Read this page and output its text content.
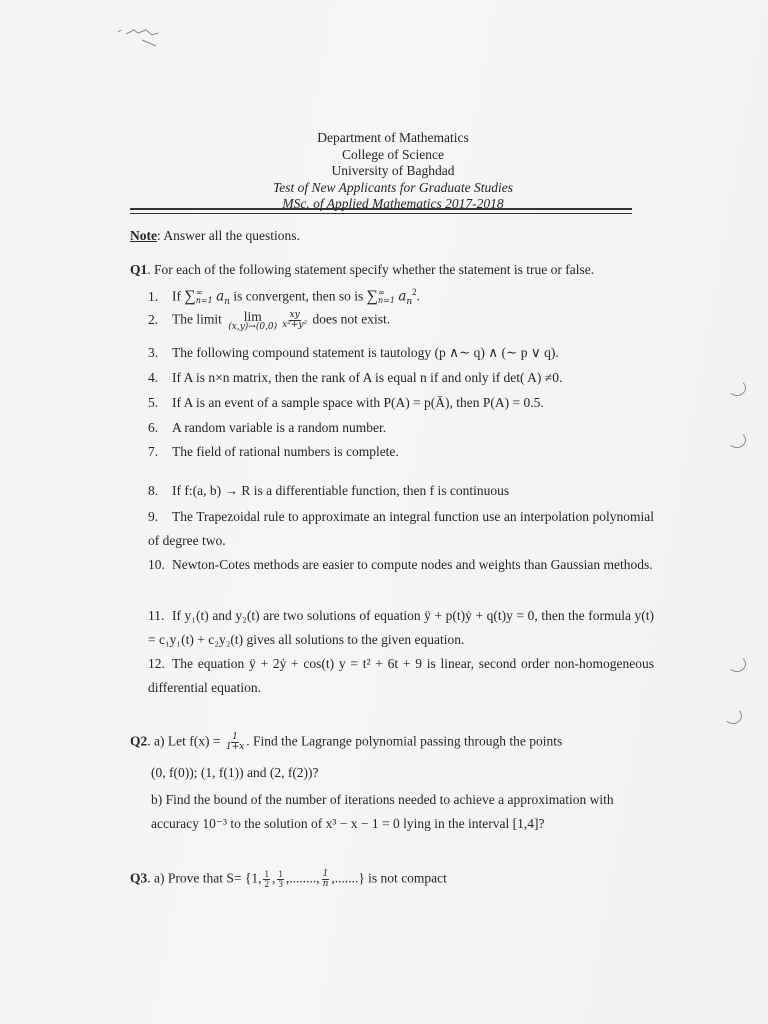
Department of Mathematics
College of Science
University of Baghdad
Test of New Applicants for Graduate Studies
MSc. of Applied Mathematics 2017-2018
Note: Answer all the questions.
Q1. For each of the following statement specify whether the statement is true or false.
1. If ∑ ∞
n=1 $a_n$ is convergent, then so is ∑ ∞
n=1 $a_n^2$.
2. The limit lim
$(x,y)\to(0,0) \frac{xy}{\text{x²+y²}}$ does not exist.
3. The following compound statement is tautology (p ∧∼ q) ∧ (∼ p ∨ q).
4. If A is n×n matrix, then the rank of A is equal n if and only if det( A) ≠0.
5. If A is an event of a sample space with P(A) = p(Ā), then P(A) = 0.5.
6. A random variable is a random number.
7. The field of rational numbers is complete.
8. If f:(a, b) → R is a differentiable function, then f is continuous
9. The Trapezoidal rule to approximate an integral function use an interpolation polynomial of degree two.
10. Newton-Cotes methods are easier to compute nodes and weights than Gaussian methods.
11. If y₁(t) and y₂(t) are two solutions of equation ÿ + p(t)ẏ + q(t)y = 0, then the formula y(t) = c₁y₁(t) + c₂y₂(t) gives all solutions to the given equation.
12. The equation ÿ + 2ẏ + cos(t) y = t² + 6t + 9 is linear, second order non-homogeneous differential equation.
Q2. a) Let $f(x) = \frac{1}{1+x}$ . Find the Lagrange polynomial passing through the points
(0, f(0)); (1, f(1)) and (2, f(2))?
b) Find the bound of the number of iterations needed to achieve a approximation with
accuracy 10⁻³ to the solution of x³ − x − 1 = 0 lying in the interval [1,4]?
Q3. a) Prove that S= {1, $\frac{1}{2}$ , $\frac{1}{3}$ ,........, $\frac{1}{n}$ ,.......} is not compact
